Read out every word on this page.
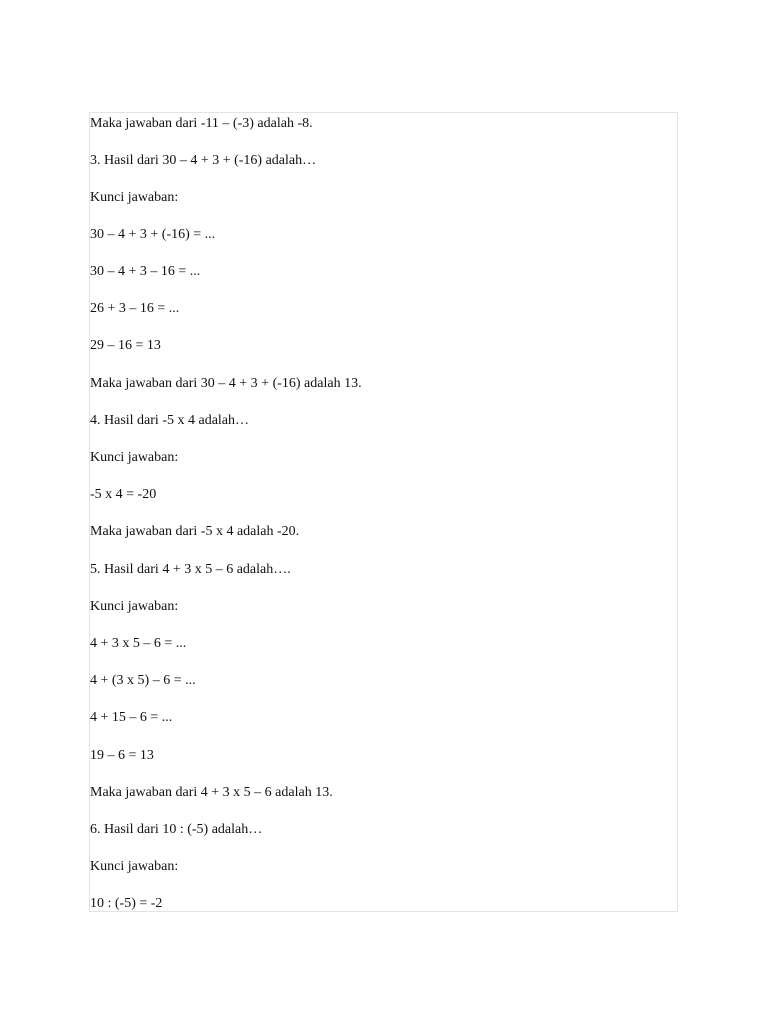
Maka jawaban dari -11 – (-3) adalah -8.

3. Hasil dari 30 – 4 + 3 + (-16) adalah…

Kunci jawaban:

30 – 4 + 3 + (-16) = ...

30 – 4 + 3 – 16 = ...

26 + 3 – 16 = ...

29 – 16 = 13

Maka jawaban dari 30 – 4 + 3 + (-16) adalah 13.

4. Hasil dari -5 x 4 adalah…

Kunci jawaban:

-5 x 4 = -20

Maka jawaban dari -5 x 4 adalah -20.

5. Hasil dari 4 + 3 x 5 – 6 adalah….

Kunci jawaban:

4 + 3 x 5 – 6 = ...

4 + (3 x 5) – 6 = ...

4 + 15 – 6 = ...

19 – 6 = 13

Maka jawaban dari 4 + 3 x 5 – 6 adalah 13.

6. Hasil dari 10 : (-5) adalah…

Kunci jawaban:

10 : (-5) = -2
